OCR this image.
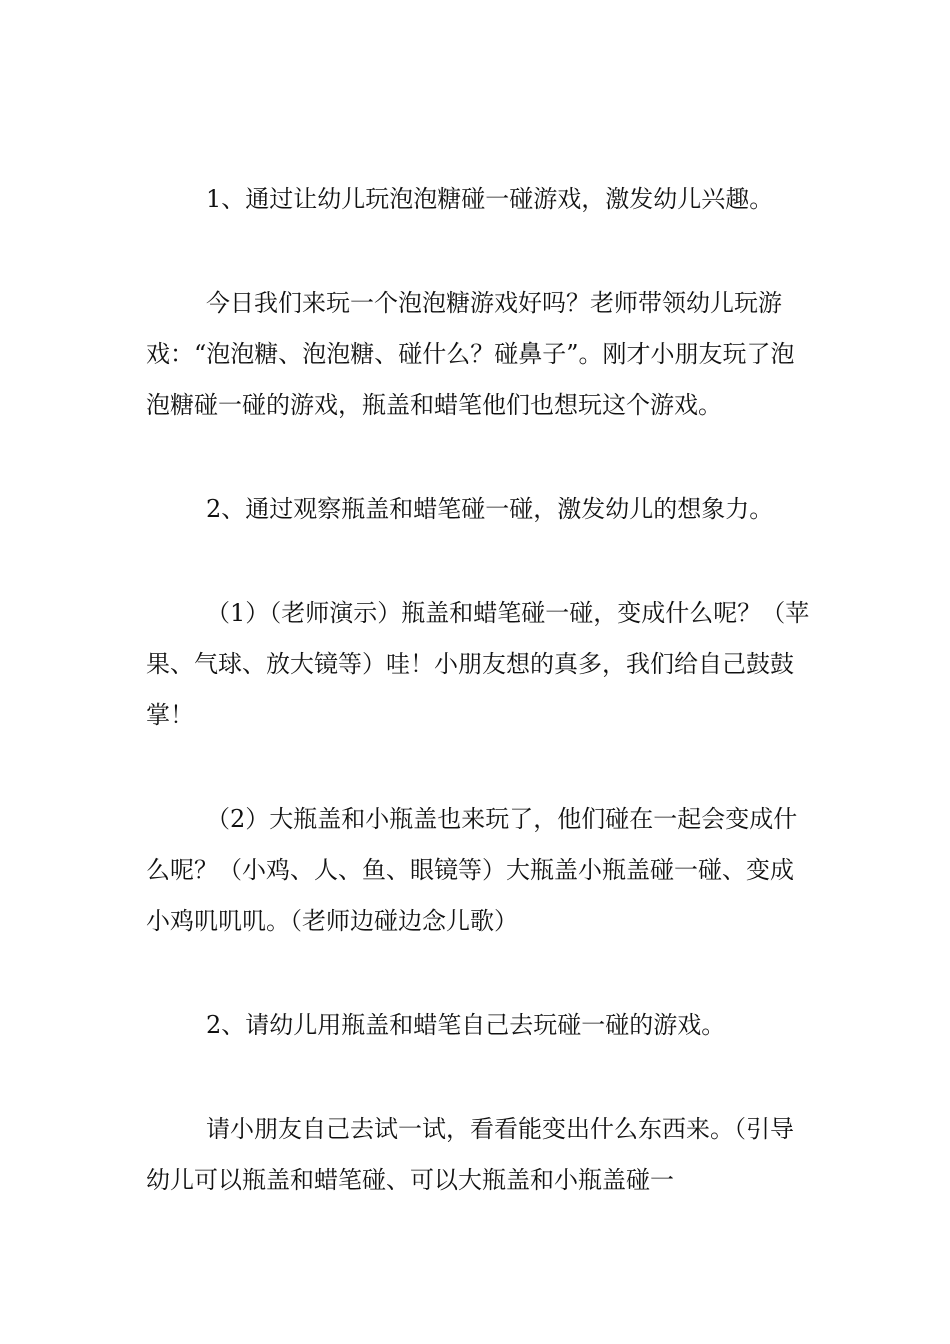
1、通过让幼儿玩泡泡糖碰一碰游戏，激发幼儿兴趣。

今日我们来玩一个泡泡糖游戏好吗？老师带领幼儿玩游戏：“泡泡糖、泡泡糖、碰什么？碰鼻子”。刚才小朋友玩了泡泡糖碰一碰的游戏，瓶盖和蜡笔他们也想玩这个游戏。

2、通过观察瓶盖和蜡笔碰一碰，激发幼儿的想象力。

（1）（老师演示）瓶盖和蜡笔碰一碰，变成什么呢？（苹果、气球、放大镜等）哇！小朋友想的真多，我们给自己鼓鼓掌！

（2）大瓶盖和小瓶盖也来玩了，他们碰在一起会变成什么呢？（小鸡、人、鱼、眼镜等）大瓶盖小瓶盖碰一碰、变成小鸡叽叽叽。（老师边碰边念儿歌）

2、请幼儿用瓶盖和蜡笔自己去玩碰一碰的游戏。

请小朋友自己去试一试，看看能变出什么东西来。（引导幼儿可以瓶盖和蜡笔碰、可以大瓶盖和小瓶盖碰一
